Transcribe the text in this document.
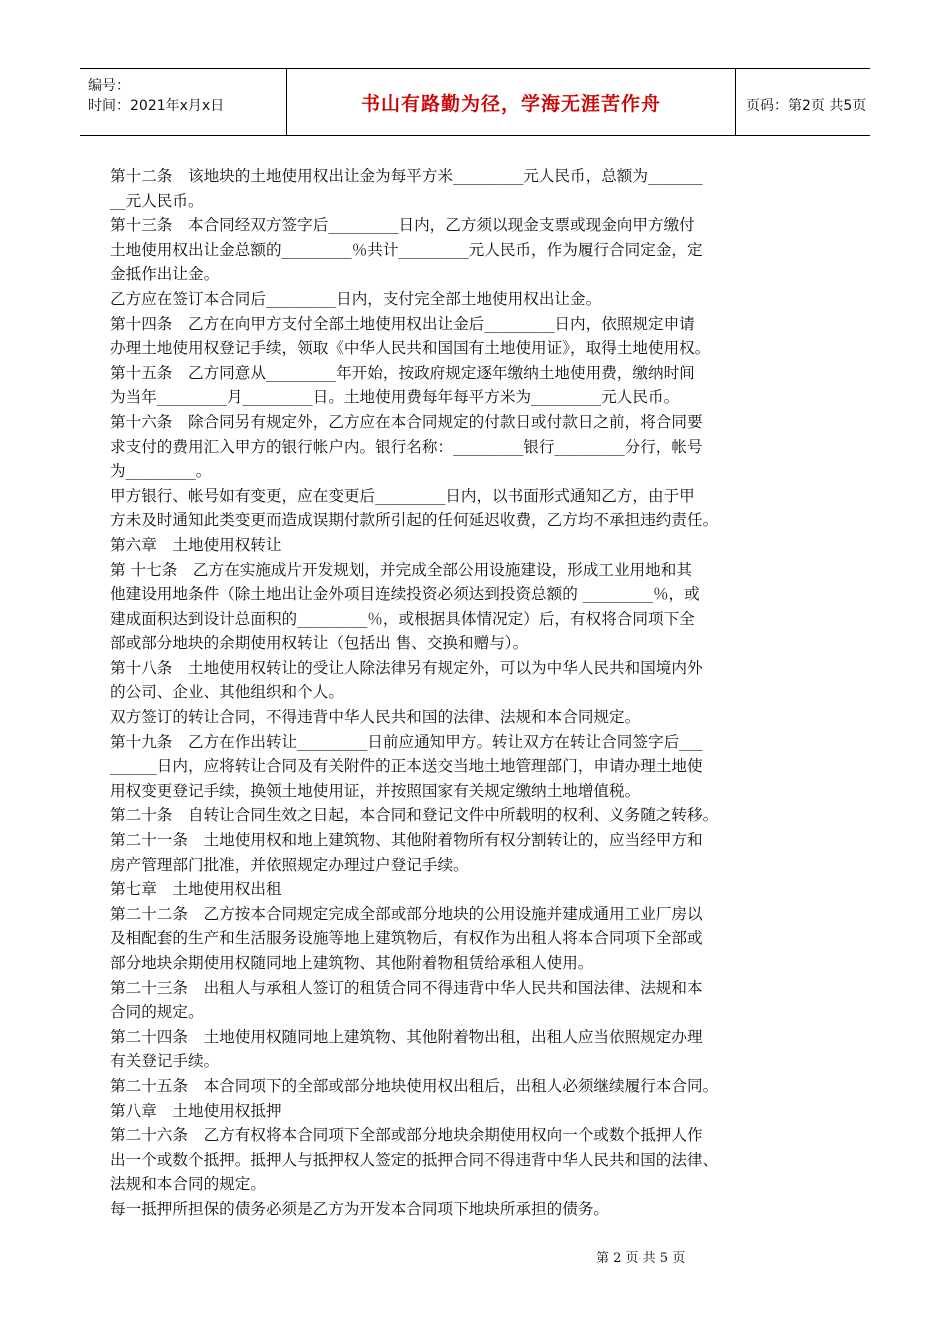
编号：
时间：2021年x月x日	书山有路勤为径，学海无涯苦作舟	页码：第2页 共5页

第十二条　该地块的土地使用权出让金为每平方米_________元人民币，总额为_______

__元人民币。

第十三条　本合同经双方签字后_________日内，乙方须以现金支票或现金向甲方缴付

土地使用权出让金总额的_________％共计_________元人民币，作为履行合同定金，定

金抵作出让金。

乙方应在签订本合同后_________日内，支付完全部土地使用权出让金。

第十四条　乙方在向甲方支付全部土地使用权出让金后_________日内，依照规定申请

办理土地使用权登记手续，领取《中华人民共和国国有土地使用证》，取得土地使用权。

第十五条　乙方同意从_________年开始，按政府规定逐年缴纳土地使用费，缴纳时间

为当年_________月_________日。土地使用费每年每平方米为_________元人民币。

第十六条　除合同另有规定外，乙方应在本合同规定的付款日或付款日之前，将合同要

求支付的费用汇入甲方的银行帐户内。银行名称：_________银行_________分行，帐号

为_________。

甲方银行、帐号如有变更，应在变更后_________日内，以书面形式通知乙方，由于甲

方未及时通知此类变更而造成误期付款所引起的任何延迟收费，乙方均不承担违约责任。

第六章　土地使用权转让

第 十七条　乙方在实施成片开发规划，并完成全部公用设施建设，形成工业用地和其

他建设用地条件（除土地出让金外项目连续投资必须达到投资总额的 _________％，或

建成面积达到设计总面积的_________％，或根据具体情况定）后，有权将合同项下全

部或部分地块的余期使用权转让（包括出 售、交换和赠与）。

第十八条　土地使用权转让的受让人除法律另有规定外，可以为中华人民共和国境内外

的公司、企业、其他组织和个人。

双方签订的转让合同，不得违背中华人民共和国的法律、法规和本合同规定。

第十九条　乙方在作出转让_________日前应通知甲方。转让双方在转让合同签字后___

______日内，应将转让合同及有关附件的正本送交当地土地管理部门，申请办理土地使

用权变更登记手续，换领土地使用证，并按照国家有关规定缴纳土地增值税。

第二十条　自转让合同生效之日起，本合同和登记文件中所载明的权利、义务随之转移。

第二十一条　土地使用权和地上建筑物、其他附着物所有权分割转让的，应当经甲方和

房产管理部门批准，并依照规定办理过户登记手续。

第七章　土地使用权出租

第二十二条　乙方按本合同规定完成全部或部分地块的公用设施并建成通用工业厂房以

及相配套的生产和生活服务设施等地上建筑物后，有权作为出租人将本合同项下全部或

部分地块余期使用权随同地上建筑物、其他附着物租赁给承租人使用。

第二十三条　出租人与承租人签订的租赁合同不得违背中华人民共和国法律、法规和本

合同的规定。

第二十四条　土地使用权随同地上建筑物、其他附着物出租，出租人应当依照规定办理

有关登记手续。

第二十五条　本合同项下的全部或部分地块使用权出租后，出租人必须继续履行本合同。

第八章　土地使用权抵押

第二十六条　乙方有权将本合同项下全部或部分地块余期使用权向一个或数个抵押人作

出一个或数个抵押。抵押人与抵押权人签定的抵押合同不得违背中华人民共和国的法律、

法规和本合同的规定。

每一抵押所担保的债务必须是乙方为开发本合同项下地块所承担的债务。

第 2 页 共 5 页
